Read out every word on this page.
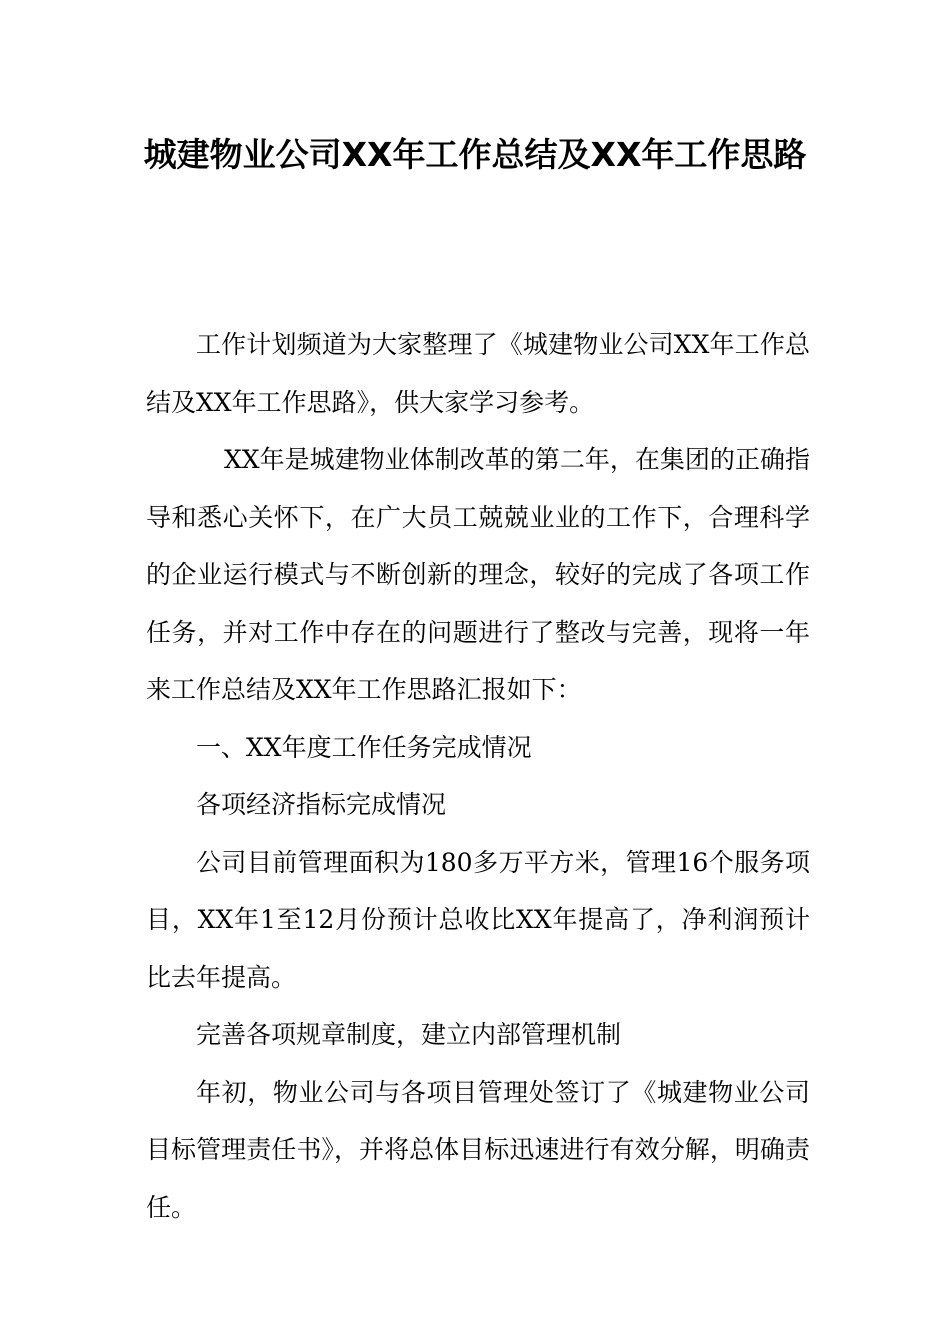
城建物业公司XX年工作总结及XX年工作思路

工作计划频道为大家整理了《城建物业公司XX年工作总结及XX年工作思路》，供大家学习参考。

XX年是城建物业体制改革的第二年，在集团的正确指导和悉心关怀下，在广大员工兢兢业业的工作下，合理科学的企业运行模式与不断创新的理念，较好的完成了各项工作任务，并对工作中存在的问题进行了整改与完善，现将一年来工作总结及XX年工作思路汇报如下：

一、XX年度工作任务完成情况

各项经济指标完成情况

公司目前管理面积为180多万平方米，管理16个服务项目，XX年1至12月份预计总收比XX年提高了，净利润预计比去年提高。

完善各项规章制度，建立内部管理机制

年初，物业公司与各项目管理处签订了《城建物业公司目标管理责任书》，并将总体目标迅速进行有效分解，明确责任。
